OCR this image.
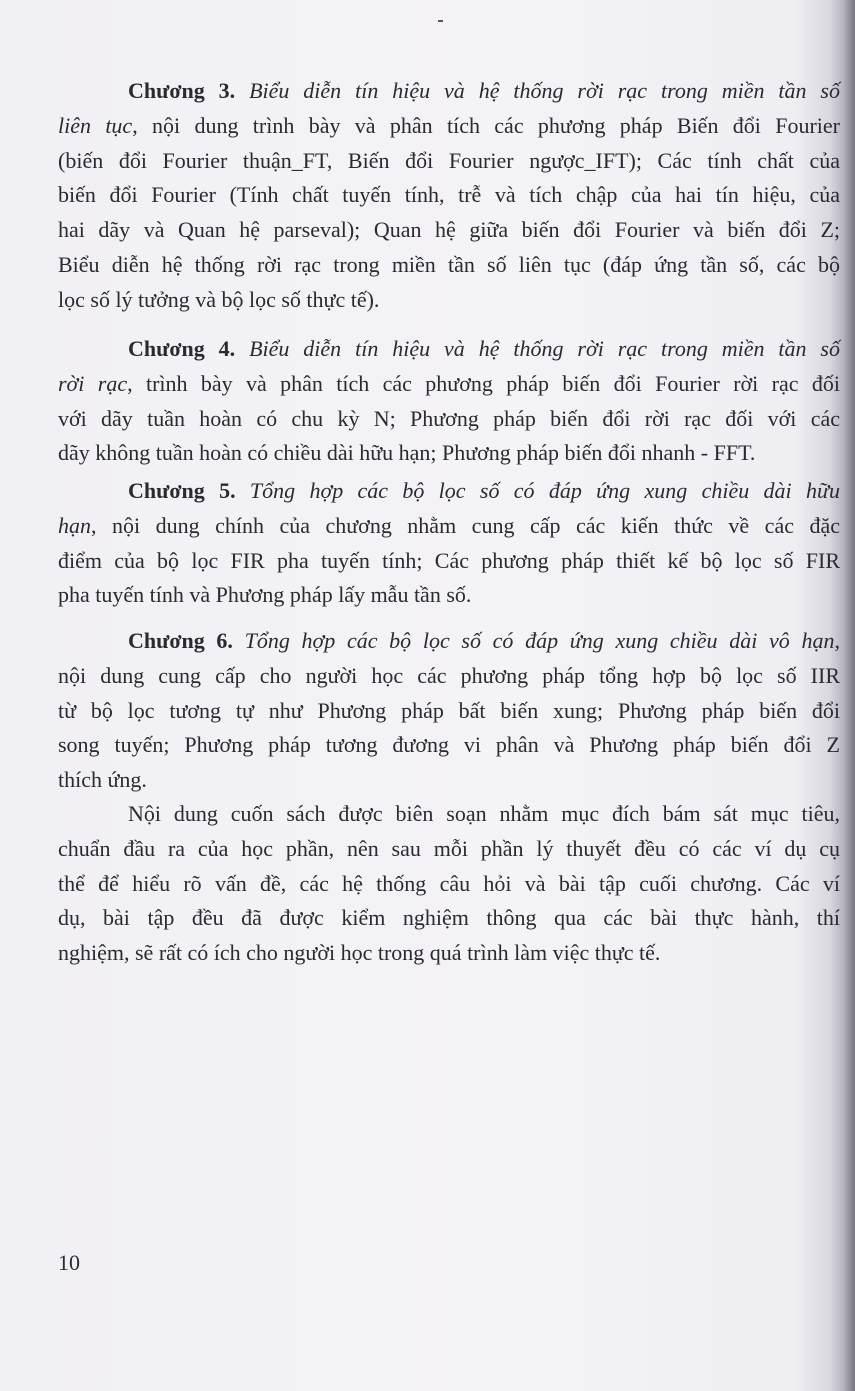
Chương 3. Biểu diễn tín hiệu và hệ thống rời rạc trong miền tần số
liên tục, nội dung trình bày và phân tích các phương pháp Biến đổi Fourier
(biến đổi Fourier thuận_FT, Biến đổi Fourier ngược_IFT); Các tính chất của
biến đổi Fourier (Tính chất tuyến tính, trễ và tích chập của hai tín hiệu, của
hai dãy và Quan hệ parseval); Quan hệ giữa biến đổi Fourier và biến đổi Z;
Biểu diễn hệ thống rời rạc trong miền tần số liên tục (đáp ứng tần số, các bộ
lọc số lý tưởng và bộ lọc số thực tế).
Chương 4. Biểu diễn tín hiệu và hệ thống rời rạc trong miền tần số
rời rạc, trình bày và phân tích các phương pháp biến đổi Fourier rời rạc đối
với dãy tuần hoàn có chu kỳ N; Phương pháp biến đổi rời rạc đối với các
dãy không tuần hoàn có chiều dài hữu hạn; Phương pháp biến đổi nhanh - FFT.
Chương 5. Tổng hợp các bộ lọc số có đáp ứng xung chiều dài hữu
hạn, nội dung chính của chương nhằm cung cấp các kiến thức về các đặc
điểm của bộ lọc FIR pha tuyến tính; Các phương pháp thiết kế bộ lọc số FIR
pha tuyến tính và Phương pháp lấy mẫu tần số.
Chương 6. Tổng hợp các bộ lọc số có đáp ứng xung chiều dài vô hạn,
nội dung cung cấp cho người học các phương pháp tổng hợp bộ lọc số IIR
từ bộ lọc tương tự như Phương pháp bất biến xung; Phương pháp biến đổi
song tuyến; Phương pháp tương đương vi phân và Phương pháp biến đổi Z
thích ứng.
Nội dung cuốn sách được biên soạn nhằm mục đích bám sát mục tiêu,
chuẩn đầu ra của học phần, nên sau mỗi phần lý thuyết đều có các ví dụ cụ
thể để hiểu rõ vấn đề, các hệ thống câu hỏi và bài tập cuối chương. Các ví
dụ, bài tập đều đã được kiểm nghiệm thông qua các bài thực hành, thí
nghiệm, sẽ rất có ích cho người học trong quá trình làm việc thực tế.
10
